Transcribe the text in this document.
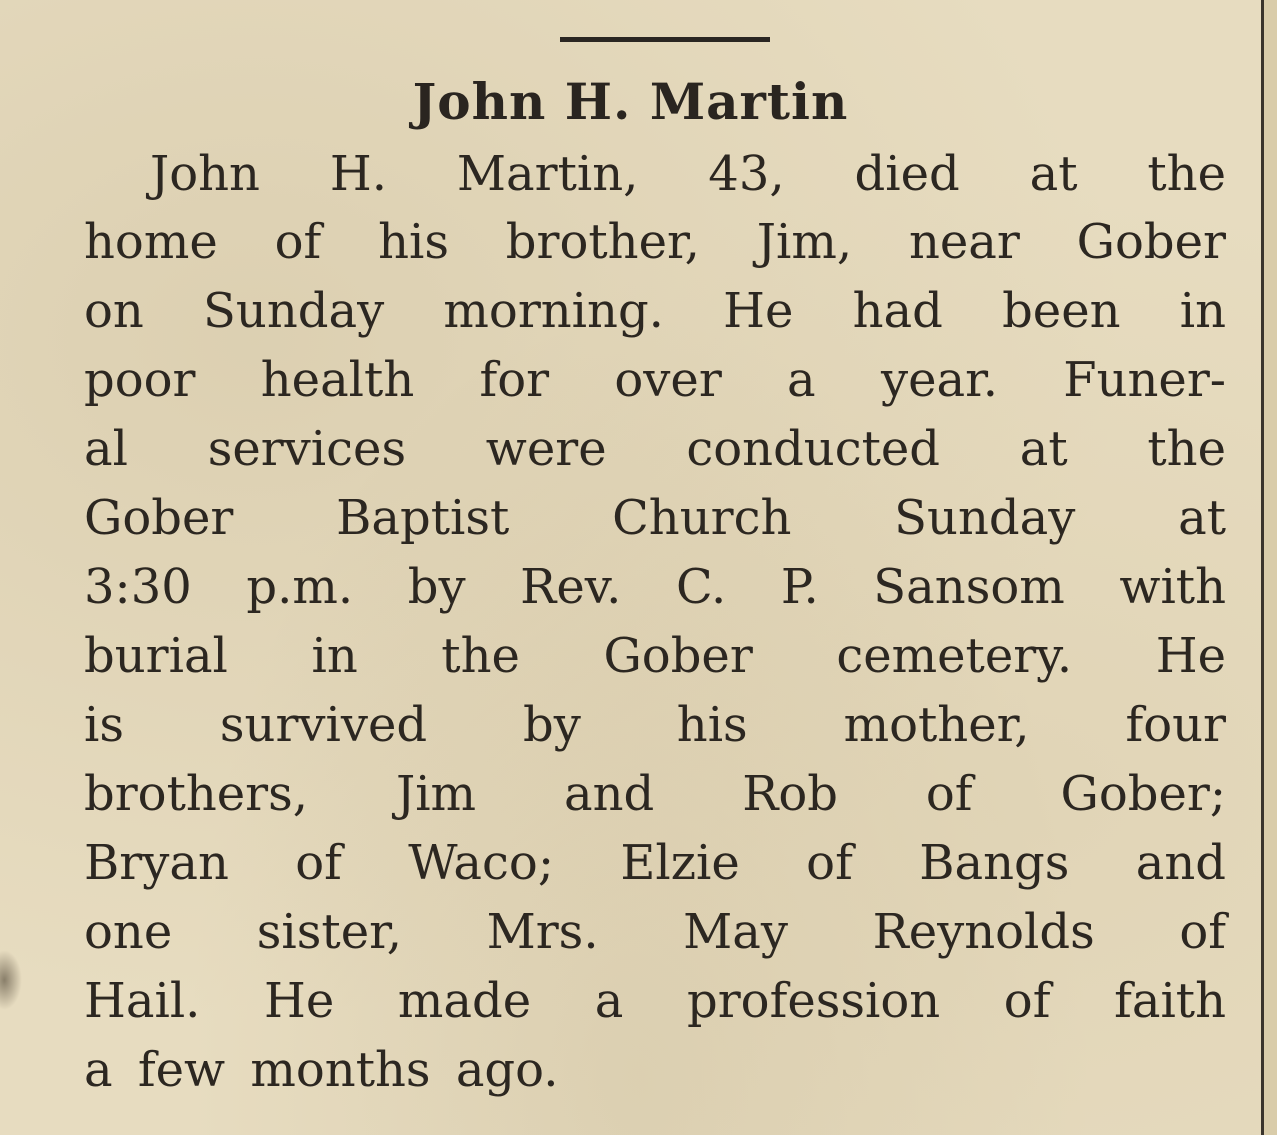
John H. Martin
John H. Martin, 43, died at the
home of his brother, Jim, near Gober
on Sunday morning. He had been in
poor health for over a year. Funer-
al services were conducted at the
Gober Baptist Church Sunday at
3:30 p.m. by Rev. C. P. Sansom with
burial in the Gober cemetery. He
is survived by his mother, four
brothers, Jim and Rob of Gober;
Bryan of Waco; Elzie of Bangs and
one sister, Mrs. May Reynolds of
Hail. He made a profession of faith
a few months ago.
